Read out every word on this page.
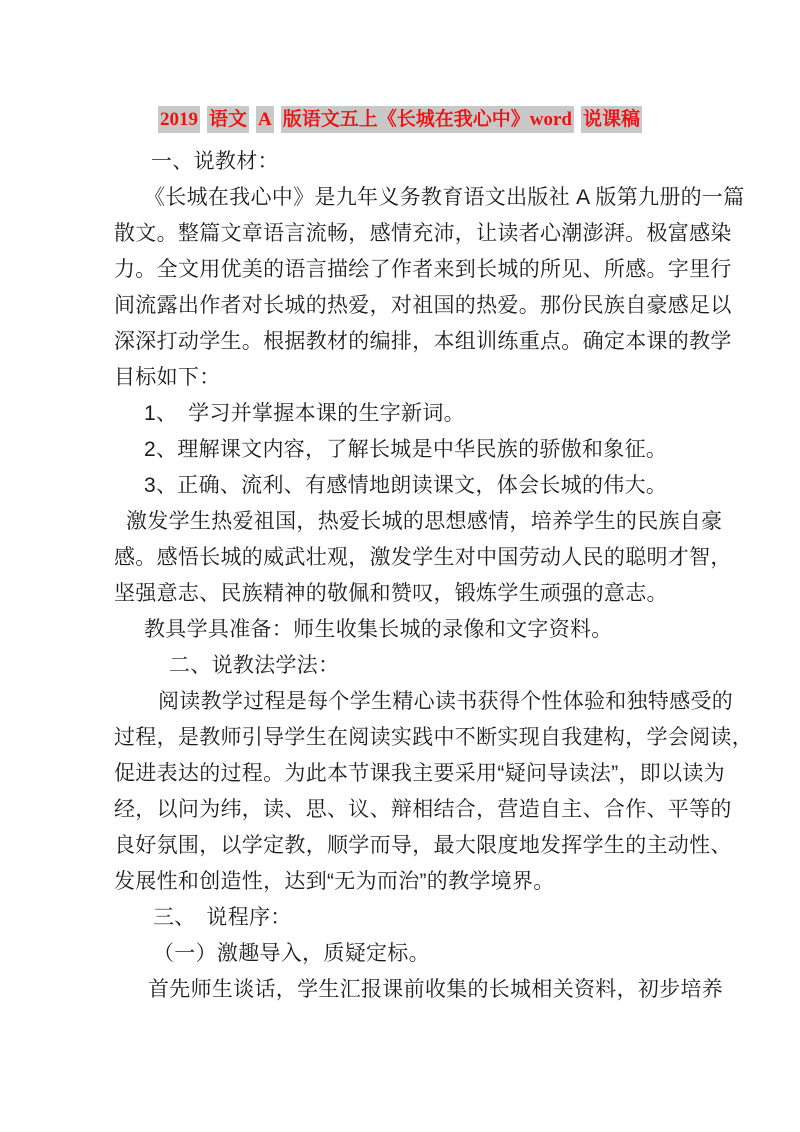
2019 语文 A 版语文五上《长城在我心中》word 说课稿
一、说教材：
《长城在我心中》是九年义务教育语文出版社 A 版第九册的一篇
散文。整篇文章语言流畅，感情充沛，让读者心潮澎湃。极富感染
力。全文用优美的语言描绘了作者来到长城的所见、所感。字里行
间流露出作者对长城的热爱，对祖国的热爱。那份民族自豪感足以
深深打动学生。根据教材的编排，本组训练重点。确定本课的教学
目标如下：
1、　学习并掌握本课的生字新词。
2、理解课文内容，了解长城是中华民族的骄傲和象征。
3、正确、流利、有感情地朗读课文，体会长城的伟大。
激发学生热爱祖国，热爱长城的思想感情，培养学生的民族自豪
感。感悟长城的威武壮观，激发学生对中国劳动人民的聪明才智，
坚强意志、民族精神的敬佩和赞叹，锻炼学生顽强的意志。
教具学具准备：师生收集长城的录像和文字资料。
二、说教法学法：
阅读教学过程是每个学生精心读书获得个性体验和独特感受的
过程，是教师引导学生在阅读实践中不断实现自我建构，学会阅读，
促进表达的过程。为此本节课我主要采用“疑问导读法”，即以读为
经，以问为纬，读、思、议、辩相结合，营造自主、合作、平等的
良好氛围，以学定教，顺学而导，最大限度地发挥学生的主动性、
发展性和创造性，达到“无为而治”的教学境界。
三、　说程序：
（一）激趣导入，质疑定标。
首先师生谈话，学生汇报课前收集的长城相关资料，初步培养
